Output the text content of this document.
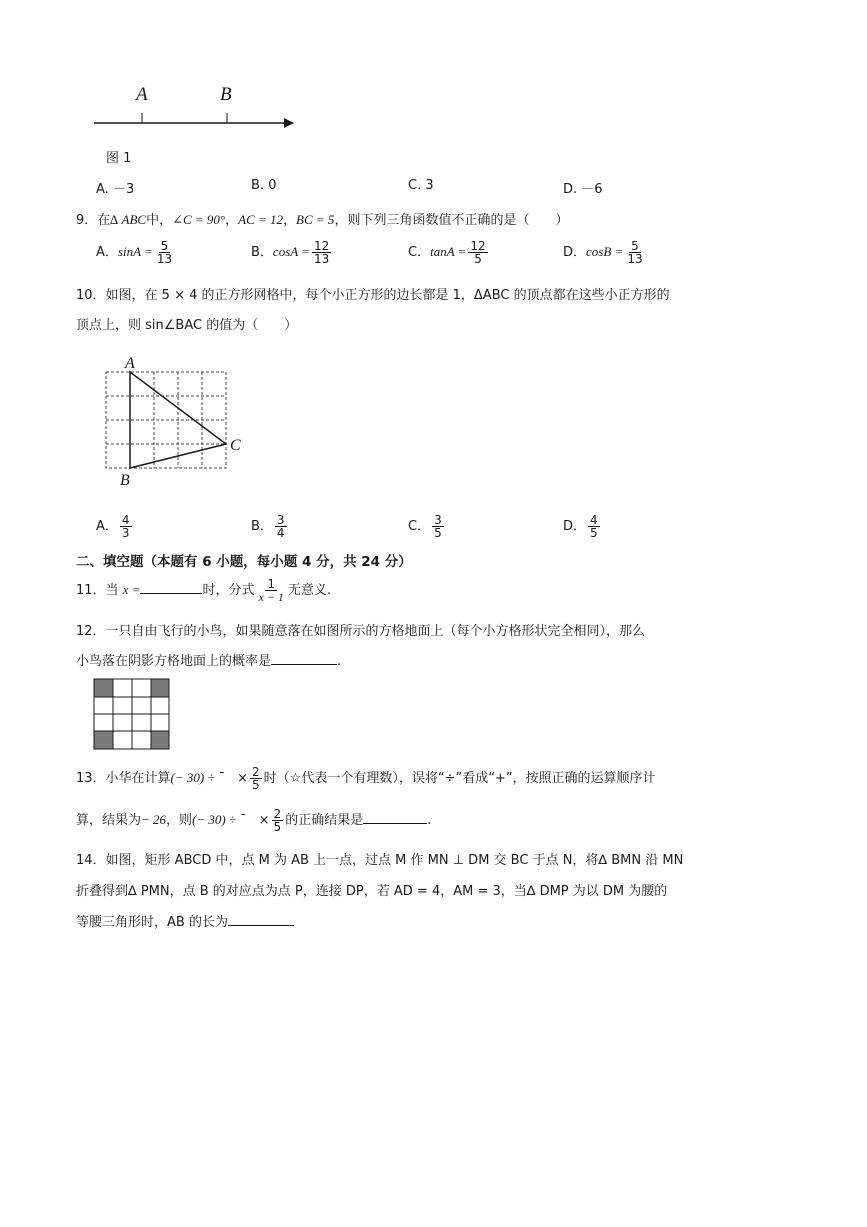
A	B
图 1
A. －3	B. 0	C. 3	D. －6
9．在∆ ABC中，∠C = 90°，AC = 12，BC = 5，则下列三角函数值不正确的是（　　）
A．$\sin A = \frac{5}{13}$	B．$\cos A = \frac{12}{13}$	C．$\tan A = \frac{12}{5}$	D．$\cos B = \frac{5}{13}$
10．如图，在 5 × 4 的正方形网格中，每个小正方形的边长都是 1，ΔABC 的顶点都在这些小正方形的
顶点上，则 sin∠BAC 的值为（　　）
A
B
C
A． $\frac{4}{3}$	B． $\frac{3}{4}$	C． $\frac{3}{5}$	D． $\frac{4}{5}$
二、填空题（本题有 6 小题，每小题 4 分，共 24 分）
11．当 x =	时，分式 $\frac{1}{x - 1}$ 无意义.
12．一只自由飞行的小鸟，如果随意落在如图所示的方格地面上（每个小方格形状完全相同），那么
小鸟落在阴影方格地面上的概率是	.
13．小华在计算(− 30) ÷ ˉ × $\frac{2}{5}$ 时（☆代表一个有理数），误将“÷”看成“+”，按照正确的运算顺序计
算，结果为− 26，则(− 30) ÷ ˉ × $\frac{2}{5}$ 的正确结果是	.
14．如图，矩形 ABCD 中，点 M 为 AB 上一点，过点 M 作 MN ⊥ DM 交 BC 于点 N，将∆ BMN 沿 MN
折叠得到∆ PMN，点 B 的对应点为点 P，连接 DP，若 AD = 4，AM = 3，当∆ DMP 为以 DM 为腰的
等腰三角形时，AB 的长为
